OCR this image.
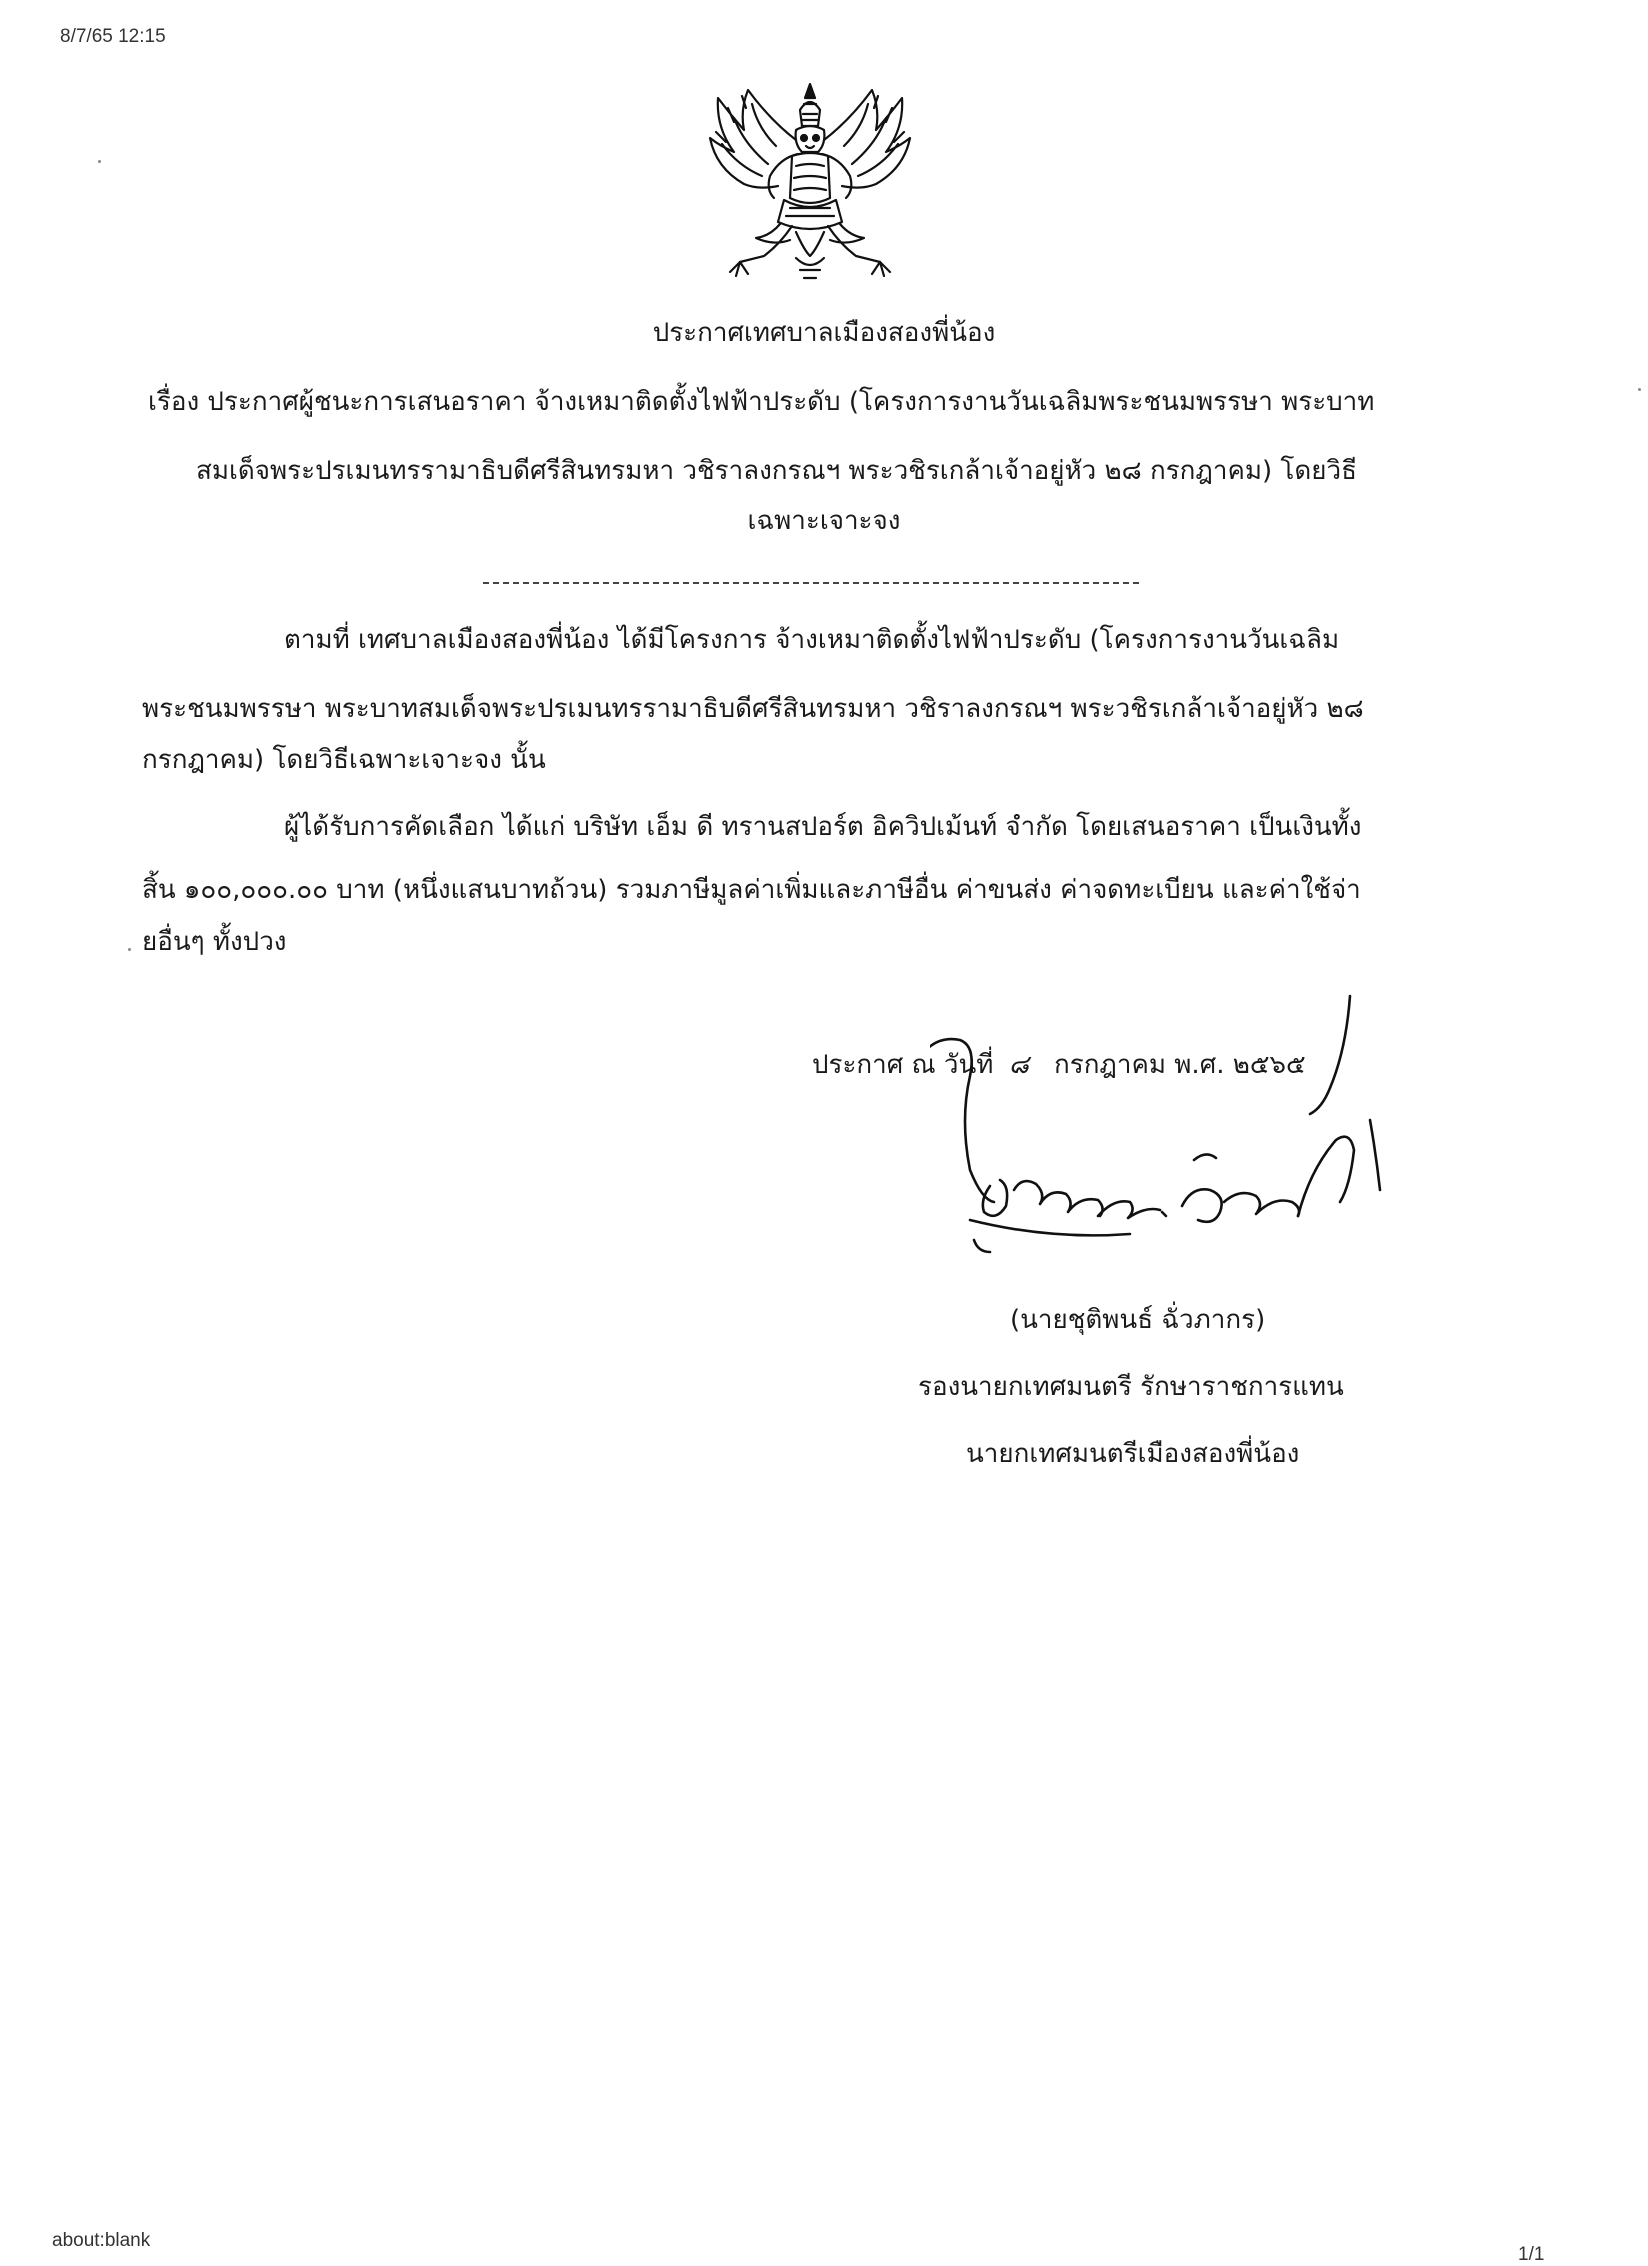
8/7/65 12:15
about:blank
1/1
ประกาศเทศบาลเมืองสองพี่น้อง
เรื่อง ประกาศผู้ชนะการเสนอราคา จ้างเหมาติดตั้งไฟฟ้าประดับ (โครงการงานวันเฉลิมพระชนมพรรษา พระบาท
สมเด็จพระปรเมนทรรามาธิบดีศรีสินทรมหา วชิราลงกรณฯ พระวชิรเกล้าเจ้าอยู่หัว ๒๘ กรกฎาคม) โดยวิธี
เฉพาะเจาะจง
ตามที่ เทศบาลเมืองสองพี่น้อง ได้มีโครงการ จ้างเหมาติดตั้งไฟฟ้าประดับ (โครงการงานวันเฉลิม
พระชนมพรรษา พระบาทสมเด็จพระปรเมนทรรามาธิบดีศรีสินทรมหา วชิราลงกรณฯ พระวชิรเกล้าเจ้าอยู่หัว ๒๘
กรกฎาคม) โดยวิธีเฉพาะเจาะจง นั้น
ผู้ได้รับการคัดเลือก ได้แก่ บริษัท เอ็ม ดี ทรานสปอร์ต อิควิปเม้นท์ จำกัด โดยเสนอราคา เป็นเงินทั้ง
สิ้น ๑๐๐,๐๐๐.๐๐ บาท (หนึ่งแสนบาทถ้วน) รวมภาษีมูลค่าเพิ่มและภาษีอื่น ค่าขนส่ง ค่าจดทะเบียน และค่าใช้จ่า
ยอื่นๆ ทั้งปวง
ประกาศ ณ วันที่ ๘ กรกฎาคม พ.ศ. ๒๕๖๕
(นายชุติพนธ์ ฉั่วภากร)
รองนายกเทศมนตรี รักษาราชการแทน
นายกเทศมนตรีเมืองสองพี่น้อง
